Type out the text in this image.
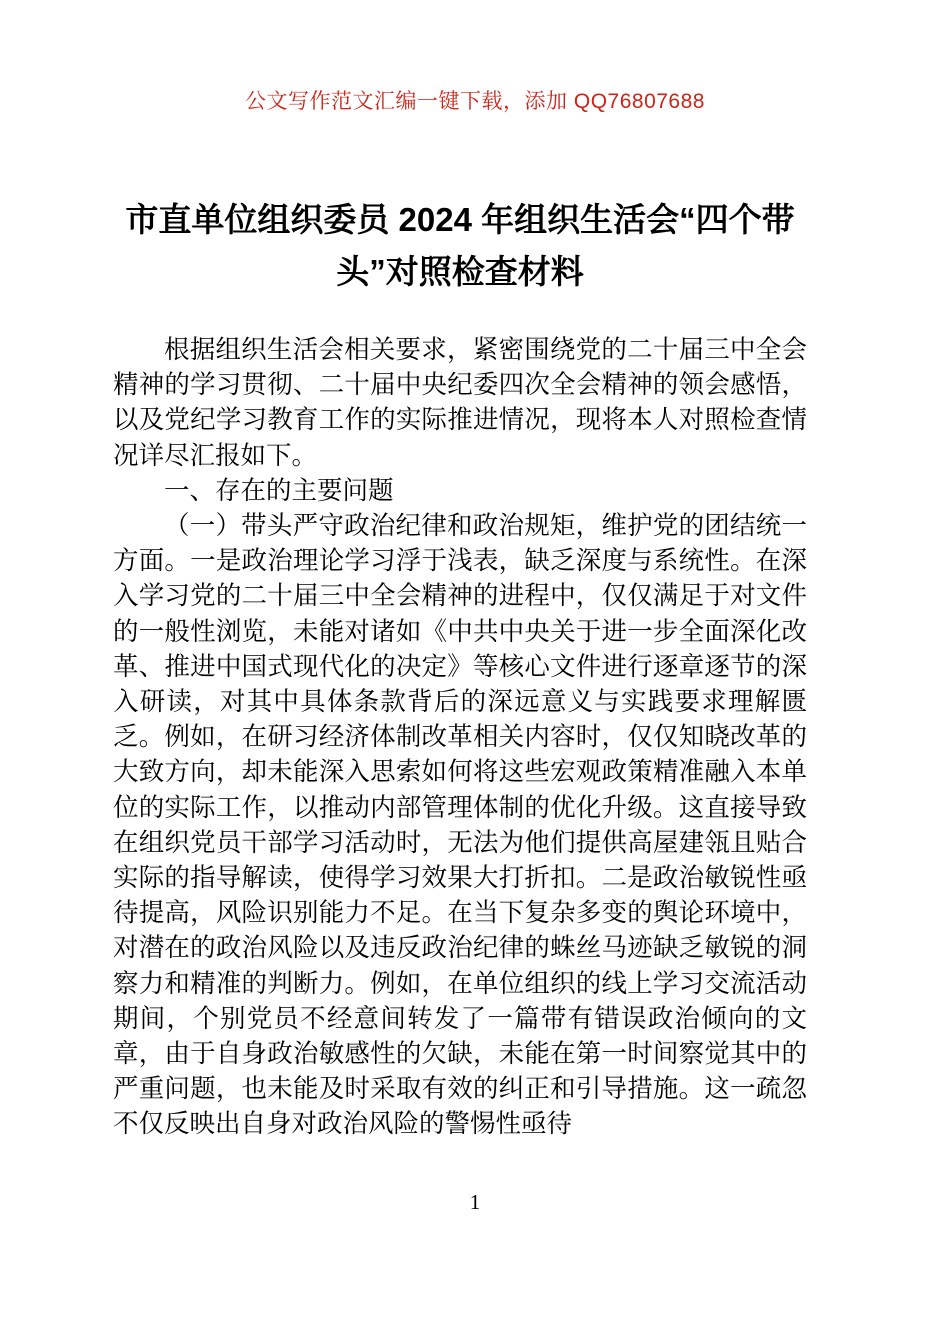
公文写作范文汇编一键下载，添加 QQ76807688
市直单位组织委员 2024 年组织生活会“四个带头”对照检查材料

根据组织生活会相关要求，紧密围绕党的二十届三中全会精神的学习贯彻、二十届中央纪委四次全会精神的领会感悟，以及党纪学习教育工作的实际推进情况，现将本人对照检查情况详尽汇报如下。

一、存在的主要问题

（一）带头严守政治纪律和政治规矩，维护党的团结统一方面。一是政治理论学习浮于浅表，缺乏深度与系统性。在深入学习党的二十届三中全会精神的进程中，仅仅满足于对文件的一般性浏览，未能对诸如《中共中央关于进一步全面深化改革、推进中国式现代化的决定》等核心文件进行逐章逐节的深入研读，对其中具体条款背后的深远意义与实践要求理解匮乏。例如，在研习经济体制改革相关内容时，仅仅知晓改革的大致方向，却未能深入思索如何将这些宏观政策精准融入本单位的实际工作，以推动内部管理体制的优化升级。这直接导致在组织党员干部学习活动时，无法为他们提供高屋建瓴且贴合实际的指导解读，使得学习效果大打折扣。二是政治敏锐性亟待提高，风险识别能力不足。在当下复杂多变的舆论环境中，对潜在的政治风险以及违反政治纪律的蛛丝马迹缺乏敏锐的洞察力和精准的判断力。例如，在单位组织的线上学习交流活动期间，个别党员不经意间转发了一篇带有错误政治倾向的文章，由于自身政治敏感性的欠缺，未能在第一时间察觉其中的严重问题，也未能及时采取有效的纠正和引导措施。这一疏忽不仅反映出自身对政治风险的警惕性亟待

1
